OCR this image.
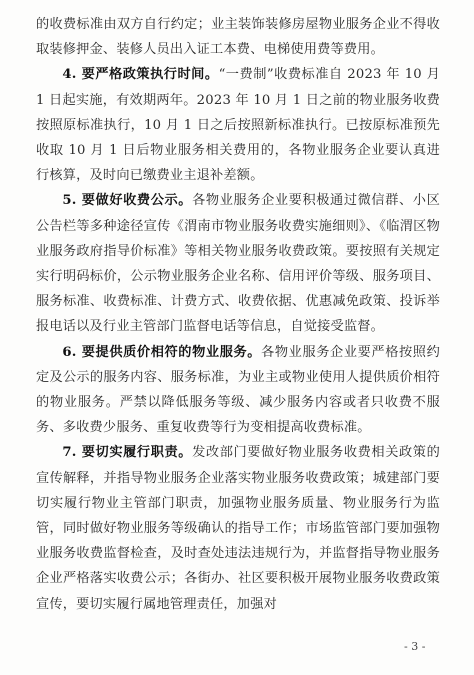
的收费标准由双方自行约定；业主装饰装修房屋物业服务企业不得收取装修押金、装修人员出入证工本费、电梯使用费等费用。

4. 要严格政策执行时间。“一费制”收费标准自 2023 年 10 月 1 日起实施，有效期两年。2023 年 10 月 1 日之前的物业服务收费按照原标准执行，10 月 1 日之后按照新标准执行。已按原标准预先收取 10 月 1 日后物业服务相关费用的，各物业服务企业要认真进行核算，及时向已缴费业主退补差额。

5. 要做好收费公示。各物业服务企业要积极通过微信群、小区公告栏等多种途径宣传《渭南市物业服务收费实施细则》、《临渭区物业服务政府指导价标准》等相关物业服务收费政策。要按照有关规定实行明码标价，公示物业服务企业名称、信用评价等级、服务项目、服务标准、收费标准、计费方式、收费依据、优惠减免政策、投诉举报电话以及行业主管部门监督电话等信息，自觉接受监督。

6. 要提供质价相符的物业服务。各物业服务企业要严格按照约定及公示的服务内容、服务标准，为业主或物业使用人提供质价相符的物业服务。严禁以降低服务等级、减少服务内容或者只收费不服务、多收费少服务、重复收费等行为变相提高收费标准。

7. 要切实履行职责。发改部门要做好物业服务收费相关政策的宣传解释，并指导物业服务企业落实物业服务收费政策；城建部门要切实履行物业主管部门职责，加强物业服务质量、物业服务行为监管，同时做好物业服务等级确认的指导工作；市场监管部门要加强物业服务收费监督检查，及时查处违法违规行为，并监督指导物业服务企业严格落实收费公示；各街办、社区要积极开展物业服务收费政策宣传，要切实履行属地管理责任，加强对

- 3 -
